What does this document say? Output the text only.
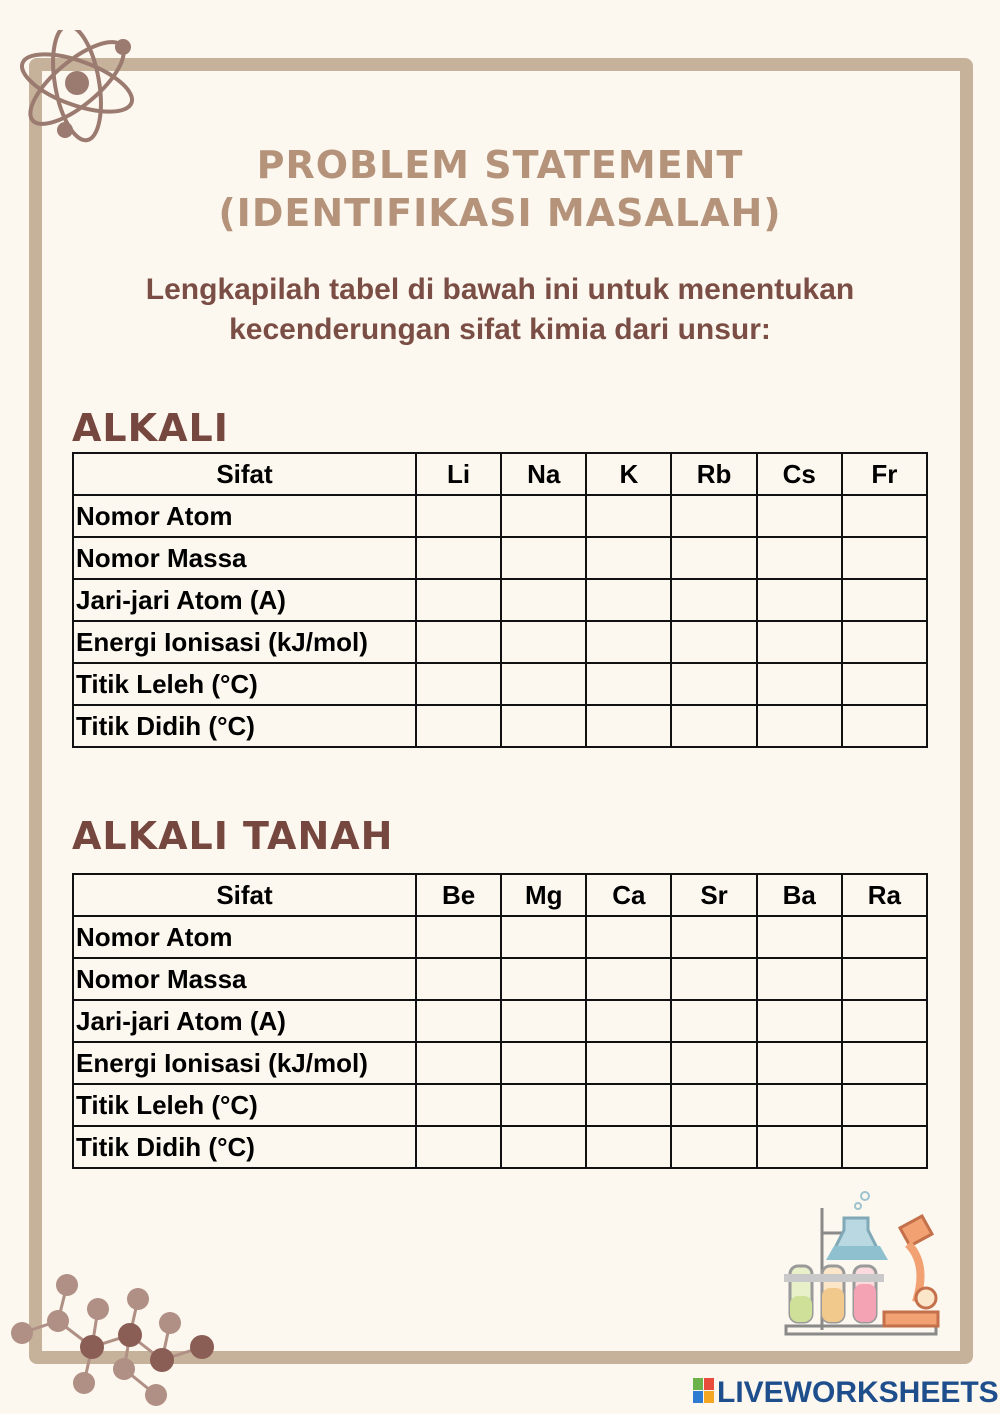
PROBLEM STATEMENT
(IDENTIFIKASI MASALAH)
Lengkapilah tabel di bawah ini untuk menentukan
kecenderungan sifat kimia dari unsur:
ALKALI
Sifat	Li	Na	K	Rb	Cs	Fr
Nomor Atom						
Nomor Massa						
Jari-jari Atom (A)						
Energi Ionisasi (kJ/mol)						
Titik Leleh (°C)						
Titik Didih (°C)						
ALKALI TANAH
Sifat	Be	Mg	Ca	Sr	Ba	Ra
Nomor Atom						
Nomor Massa						
Jari-jari Atom (A)						
Energi Ionisasi (kJ/mol)						
Titik Leleh (°C)						
Titik Didih (°C)						
LIVEWORKSHEETS
